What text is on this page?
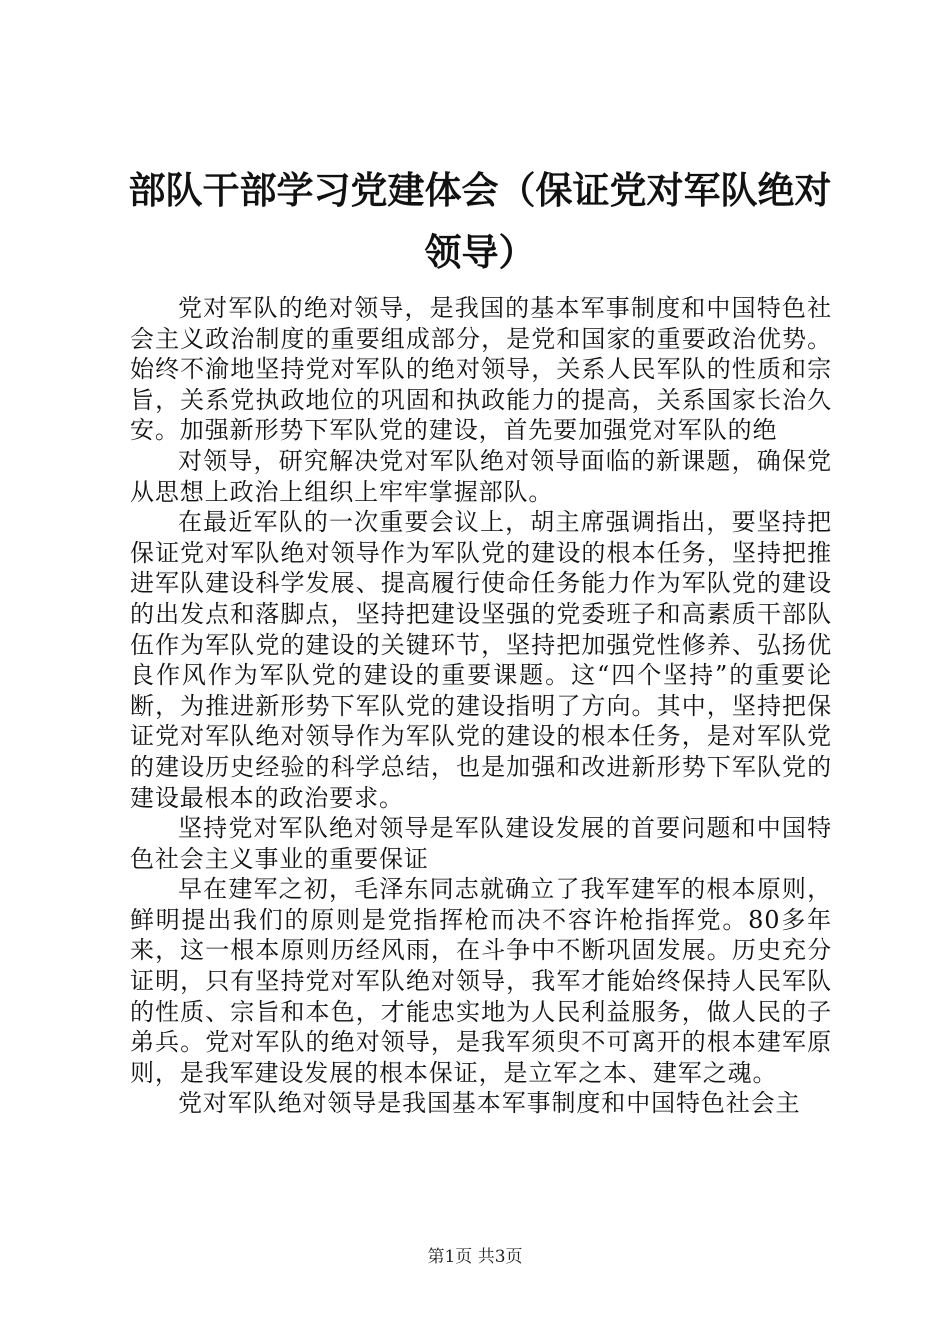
部队干部学习党建体会（保证党对军队绝对领导）

党对军队的绝对领导，是我国的基本军事制度和中国特色社会主义政治制度的重要组成部分，是党和国家的重要政治优势。始终不渝地坚持党对军队的绝对领导，关系人民军队的性质和宗旨，关系党执政地位的巩固和执政能力的提高，关系国家长治久安。加强新形势下军队党的建设，首先要加强党对军队的绝

对领导，研究解决党对军队绝对领导面临的新课题，确保党从思想上政治上组织上牢牢掌握部队。

在最近军队的一次重要会议上，胡主席强调指出，要坚持把保证党对军队绝对领导作为军队党的建设的根本任务，坚持把推进军队建设科学发展、提高履行使命任务能力作为军队党的建设的出发点和落脚点，坚持把建设坚强的党委班子和高素质干部队伍作为军队党的建设的关键环节，坚持把加强党性修养、弘扬优良作风作为军队党的建设的重要课题。这“四个坚持”的重要论断，为推进新形势下军队党的建设指明了方向。其中，坚持把保证党对军队绝对领导作为军队党的建设的根本任务，是对军队党的建设历史经验的科学总结，也是加强和改进新形势下军队党的建设最根本的政治要求。

坚持党对军队绝对领导是军队建设发展的首要问题和中国特色社会主义事业的重要保证

早在建军之初，毛泽东同志就确立了我军建军的根本原则，鲜明提出我们的原则是党指挥枪而决不容许枪指挥党。80多年来，这一根本原则历经风雨，在斗争中不断巩固发展。历史充分证明，只有坚持党对军队绝对领导，我军才能始终保持人民军队的性质、宗旨和本色，才能忠实地为人民利益服务，做人民的子弟兵。党对军队的绝对领导，是我军须臾不可离开的根本建军原则，是我军建设发展的根本保证，是立军之本、建军之魂。

党对军队绝对领导是我国基本军事制度和中国特色社会主

第1页 共3页
